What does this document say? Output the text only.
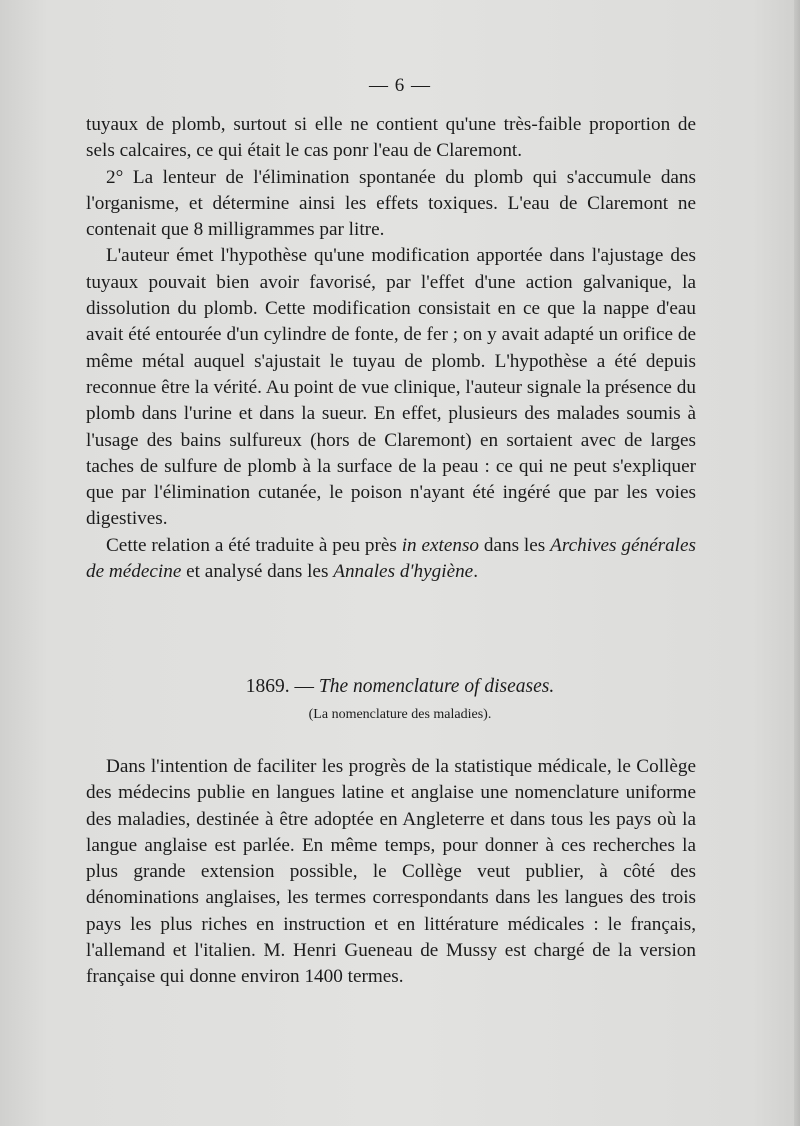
— 6 —

tuyaux de plomb, surtout si elle ne contient qu'une très-faible proportion de sels calcaires, ce qui était le cas ponr l'eau de Claremont.

2° La lenteur de l'élimination spontanée du plomb qui s'accumule dans l'organisme, et détermine ainsi les effets toxiques. L'eau de Claremont ne contenait que 8 milligrammes par litre.

L'auteur émet l'hypothèse qu'une modification apportée dans l'ajustage des tuyaux pouvait bien avoir favorisé, par l'effet d'une action galvanique, la dissolution du plomb. Cette modification consistait en ce que la nappe d'eau avait été entourée d'un cylindre de fonte, de fer ; on y avait adapté un orifice de même métal auquel s'ajustait le tuyau de plomb. L'hypothèse a été depuis reconnue être la vérité. Au point de vue clinique, l'auteur signale la présence du plomb dans l'urine et dans la sueur. En effet, plusieurs des malades soumis à l'usage des bains sulfureux (hors de Claremont) en sortaient avec de larges taches de sulfure de plomb à la surface de la peau : ce qui ne peut s'expliquer que par l'élimination cutanée, le poison n'ayant été ingéré que par les voies digestives.

Cette relation a été traduite à peu près in extenso dans les Archives générales de médecine et analysé dans les Annales d'hygiène.

1869. — The nomenclature of diseases.
(La nomenclature des maladies).

Dans l'intention de faciliter les progrès de la statistique médicale, le Collège des médecins publie en langues latine et anglaise une nomenclature uniforme des maladies, destinée à être adoptée en Angleterre et dans tous les pays où la langue anglaise est parlée. En même temps, pour donner à ces recherches la plus grande extension possible, le Collège veut publier, à côté des dénominations anglaises, les termes correspondants dans les langues des trois pays les plus riches en instruction et en littérature médicales : le français, l'allemand et l'italien. M. Henri Gueneau de Mussy est chargé de la version française qui donne environ 1400 termes.
